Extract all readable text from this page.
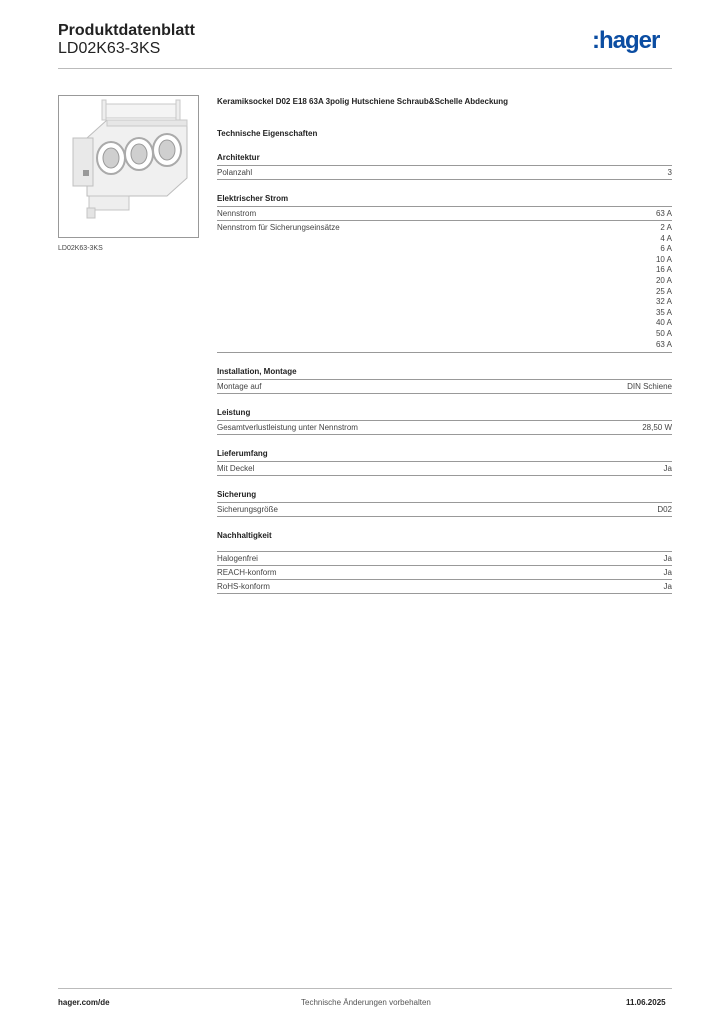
Produktdatenblatt
LD02K63-3KS	:hager
LD02K63-3KS
Keramiksockel D02 E18 63A 3polig Hutschiene Schraub&Schelle Abdeckung
Technische Eigenschaften
Architektur
Polanzahl	3
Elektrischer Strom
Nennstrom	63 A
Nennstrom für Sicherungseinsätze	2 A
4 A
6 A
10 A
16 A
20 A
25 A
32 A
35 A
40 A
50 A
63 A
Installation, Montage
Montage auf	DIN Schiene
Leistung
Gesamtverlustleistung unter Nennstrom	28,50 W
Lieferumfang
Mit Deckel	Ja
Sicherung
Sicherungsgröße	D02
Nachhaltigkeit
Halogenfrei	Ja
REACH-konform	Ja
RoHS-konform	Ja
hager.com/de	Technische Änderungen vorbehalten	11.06.2025
